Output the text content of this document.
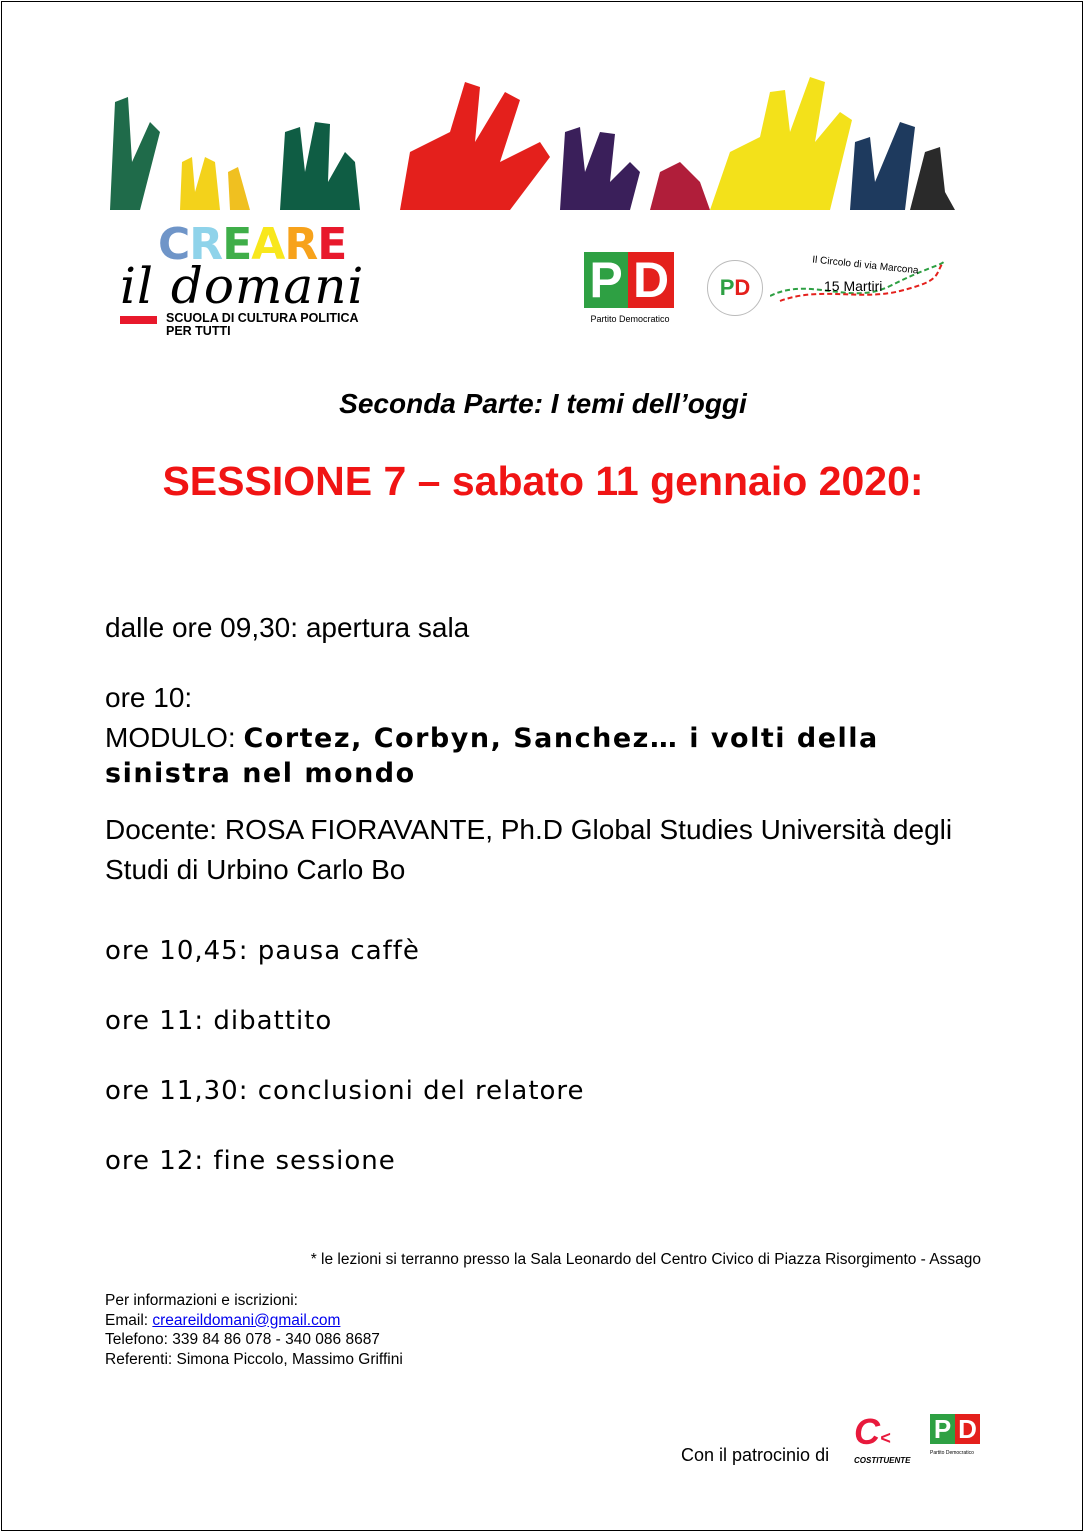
CREARE
il domani
SCUOLA DI CULTURA POLITICA
PER TUTTI
P D
Partito Democratico
P D
Il Circolo di via Marcona
15 Martiri
Seconda Parte: I temi dell’oggi
SESSIONE 7 – sabato 11 gennaio 2020:
dalle ore 09,30: apertura sala
ore 10:
MODULO: Cortez, Corbyn, Sanchez… i volti della
sinistra nel mondo
Docente: ROSA FIORAVANTE, Ph.D Global Studies Università degli
Studi di Urbino Carlo Bo
ore 10,45: pausa caffè
ore 11: dibattito
ore 11,30: conclusioni del relatore
ore 12: fine sessione
* le lezioni si terranno presso la Sala Leonardo del Centro Civico di Piazza Risorgimento - Assago
Per informazioni e iscrizioni:
Email: creareildomani@gmail.com
Telefono: 339 84 86 078 - 340 086 8687
Referenti: Simona Piccolo, Massimo Griffini
Con il patrocinio di
C<
COSTITUENTE
P D
Partito Democratico
